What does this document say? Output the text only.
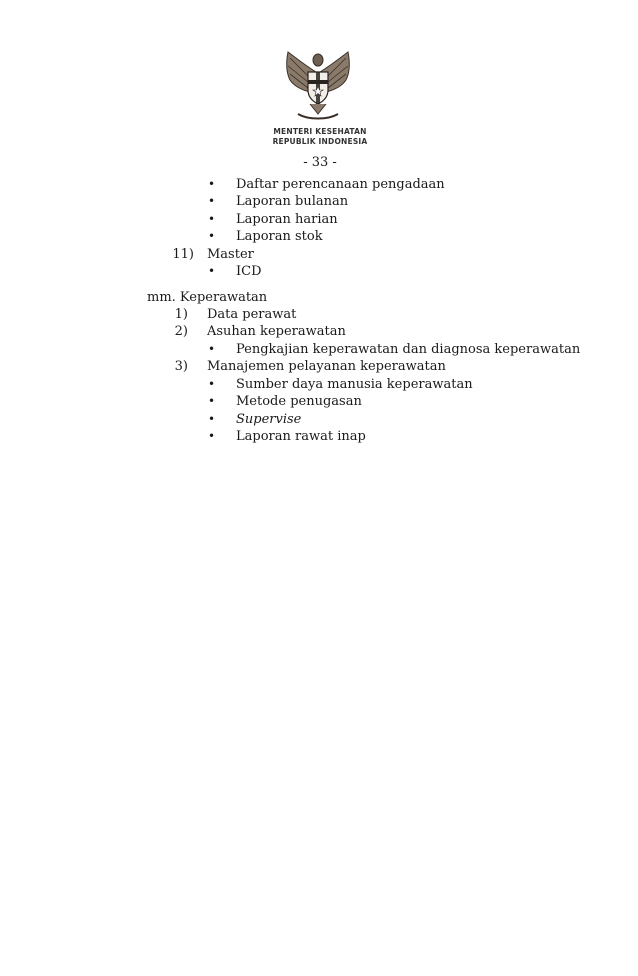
MENTERI KESEHATAN
REPUBLIK INDONESIA
- 33 -
• Daftar perencanaan pengadaan
• Laporan bulanan
• Laporan harian
• Laporan stok
11) Master
• ICD
mm. Keperawatan
1) Data perawat
2) Asuhan keperawatan
• Pengkajian keperawatan dan diagnosa keperawatan
3) Manajemen pelayanan keperawatan
• Sumber daya manusia keperawatan
• Metode penugasan
• Supervise
• Laporan rawat inap
